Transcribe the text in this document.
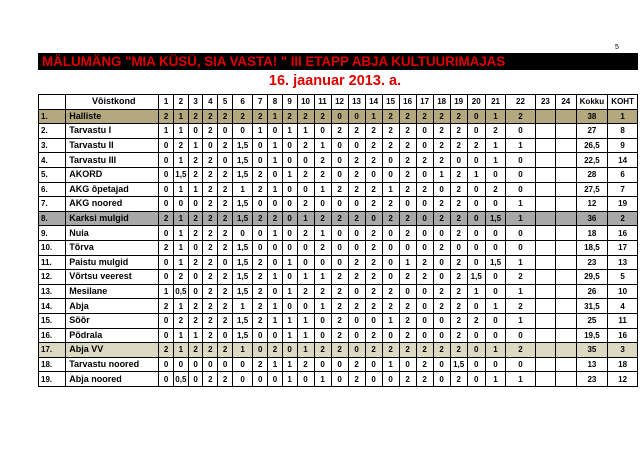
5
MÄLUMÄNG "MIA KÜSÜ, SIA VASTA! " III ETAPP ABJA KULTUURIMAJAS
16. jaanuar 2013. a.
	Võistkond	1	2	3	4	5	6	7	8	9	10	11	12	13	14	15	16	17	18	19	20	21	22	23	24	Kokku	KOHT
1.	Halliste	2	1	2	2	2	2	2	1	2	2	2	0	0	1	2	2	2	2	2	0	1	2			38	1
2.	Tarvastu I	1	1	0	2	0	0	1	0	1	1	0	2	2	2	2	2	0	2	2	0	2	0			27	8
3.	Tarvastu II	0	2	1	0	2	1,5	0	1	0	2	1	0	0	2	2	2	0	2	2	2	1	1			26,5	9
4.	Tarvastu III	0	1	2	2	0	1,5	0	1	0	0	2	0	2	2	0	2	2	2	0	0	1	0			22,5	14
5.	AKORD	0	1,5	2	2	2	1,5	2	0	1	2	2	0	2	0	0	2	0	1	2	1	0	0			28	6
6.	AKG õpetajad	0	1	1	2	2	1	2	1	0	0	1	2	2	2	1	2	2	0	2	0	2	0			27,5	7
7.	AKG noored	0	0	0	2	2	1,5	0	0	0	2	0	0	0	2	2	0	0	2	2	0	0	1			12	19
8.	Karksi mulgid	2	1	2	2	2	1,5	2	2	0	1	2	2	2	0	2	2	0	2	2	0	1,5	1			36	2
9.	Nuia	0	1	2	2	2	0	0	1	0	2	1	0	0	2	0	2	0	0	2	0	0	0			18	16
10.	Tõrva	2	1	0	2	2	1,5	0	0	0	0	2	0	0	2	0	0	0	2	0	0	0	0			18,5	17
11.	Paistu mulgid	0	1	2	2	0	1,5	2	0	1	0	0	0	2	2	0	1	2	0	2	0	1,5	1			23	13
12.	Võrtsu veerest	0	2	0	2	2	1,5	2	1	0	1	1	2	2	2	0	2	2	0	2	1,5	0	2			29,5	5
13.	Mesilane	1	0,5	0	2	2	1,5	2	0	1	2	2	2	0	2	2	0	0	2	2	1	0	1			26	10
14.	Abja	2	1	2	2	2	1	2	1	0	0	1	2	2	2	2	2	0	2	2	0	1	2			31,5	4
15.	Sõõr	0	2	2	2	2	1,5	2	1	1	1	0	2	0	0	1	2	0	0	2	2	0	1			25	11
16.	Põdrala	0	1	1	2	0	1,5	0	0	1	1	0	2	0	2	0	2	0	0	2	0	0	0			19,5	16
17.	Abja VV	2	1	2	2	2	1	0	2	0	1	2	2	0	2	2	2	2	2	2	0	1	2			35	3
18.	Tarvastu noored	0	0	0	0	0	0	2	1	1	2	0	0	2	0	1	0	2	0	1,5	0	0	0			13	18
19.	Abja noored	0	0,5	0	2	2	0	0	0	1	0	1	0	2	0	0	2	2	0	2	0	1	1			23	12
